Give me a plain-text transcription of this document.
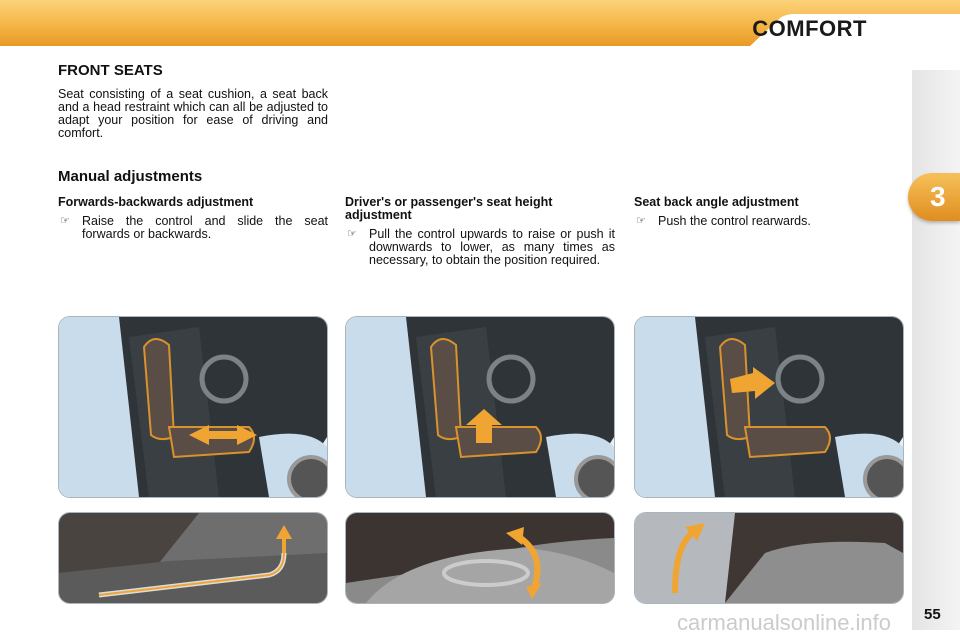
COMFORT
3
FRONT SEATS
Seat consisting of a seat cushion, a seat back and a head restraint which can all be adjusted to adapt your position for ease of driving and comfort.
Manual adjustments
Forwards-backwards adjustment
☞ Raise the control and slide the seat forwards or backwards.
Driver's or passenger's seat height adjustment
☞ Pull the control upwards to raise or push it downwards to lower, as many times as necessary, to obtain the position required.
Seat back angle adjustment
☞ Push the control rearwards.
55
carmanualsonline.info
